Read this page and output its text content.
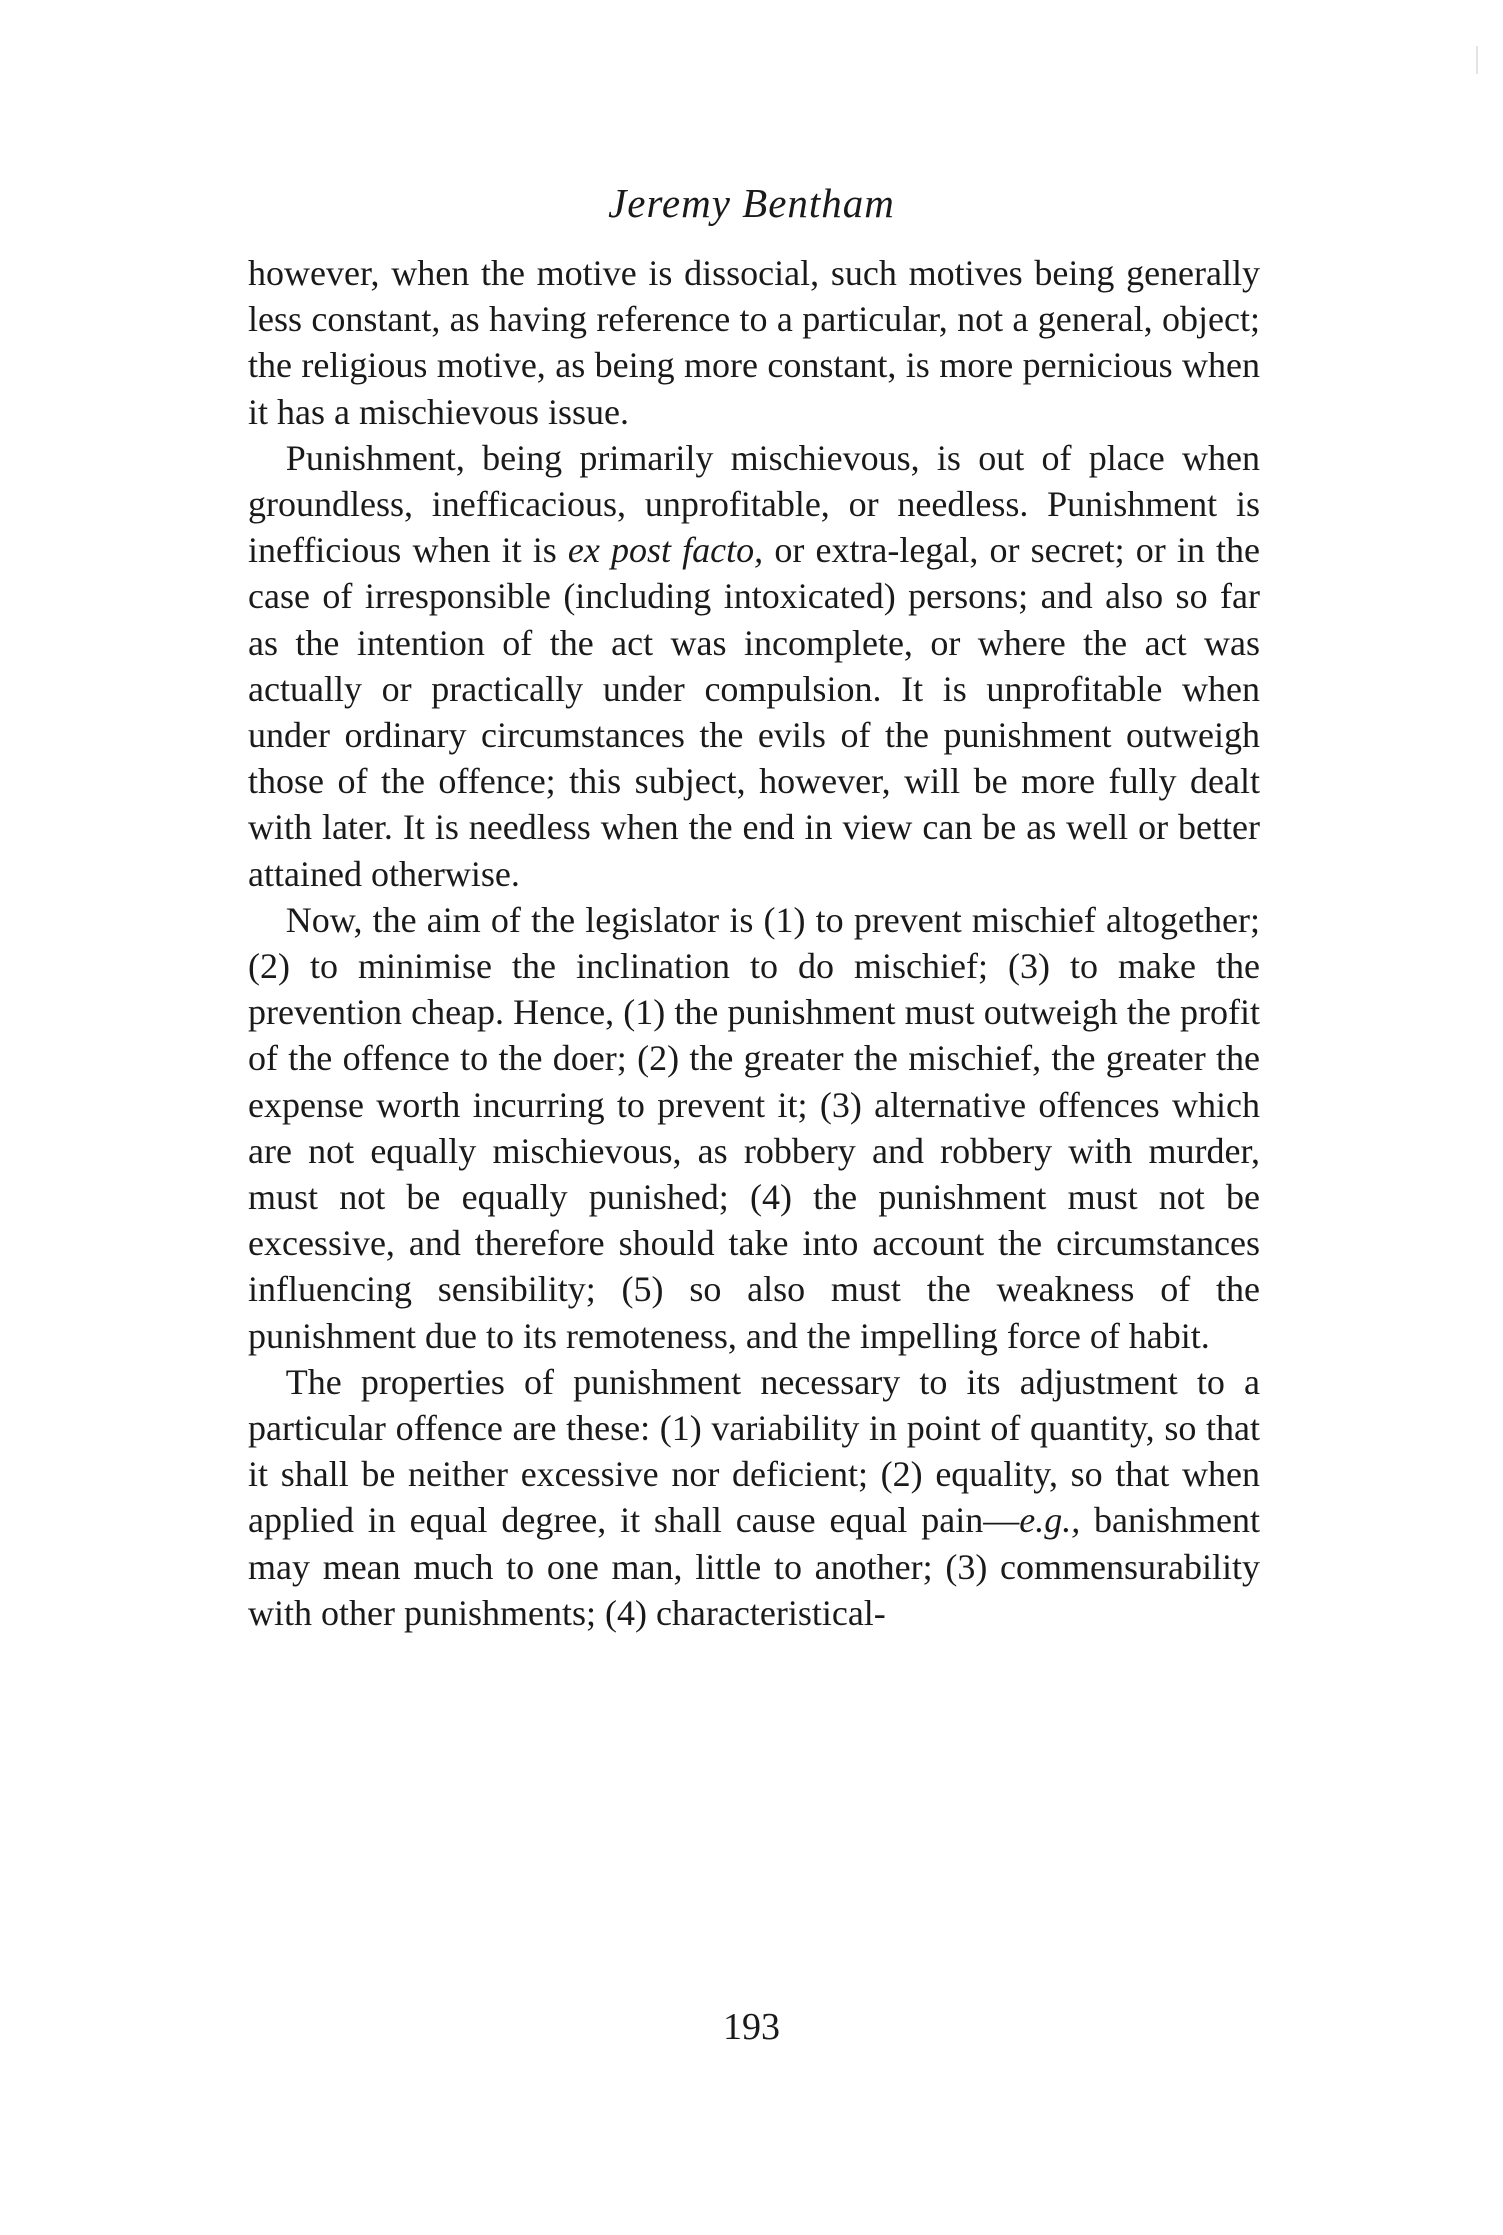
Jeremy Bentham

however, when the motive is dissocial, such motives being generally less constant, as having reference to a particular, not a general, object; the religious motive, as being more constant, is more pernicious when it has a mischievous issue.

Punishment, being primarily mischievous, is out of place when groundless, inefficacious, unprofitable, or needless. Punishment is inefficious when it is ex post facto, or extra-legal, or secret; or in the case of irresponsible (including intoxicated) persons; and also so far as the intention of the act was incomplete, or where the act was actually or practically under compulsion. It is unprofitable when under ordinary circumstances the evils of the punishment outweigh those of the offence; this subject, however, will be more fully dealt with later. It is needless when the end in view can be as well or better attained otherwise.

Now, the aim of the legislator is (1) to prevent mischief altogether; (2) to minimise the inclination to do mischief; (3) to make the prevention cheap. Hence, (1) the punishment must outweigh the profit of the offence to the doer; (2) the greater the mischief, the greater the expense worth incurring to prevent it; (3) alternative offences which are not equally mischievous, as robbery and robbery with murder, must not be equally punished; (4) the punishment must not be excessive, and therefore should take into account the circumstances influencing sensibility; (5) so also must the weakness of the punishment due to its remoteness, and the impelling force of habit.

The properties of punishment necessary to its adjustment to a particular offence are these: (1) variability in point of quantity, so that it shall be neither excessive nor deficient; (2) equality, so that when applied in equal degree, it shall cause equal pain—e.g., banishment may mean much to one man, little to another; (3) commensurability with other punishments; (4) characteristical-

193
